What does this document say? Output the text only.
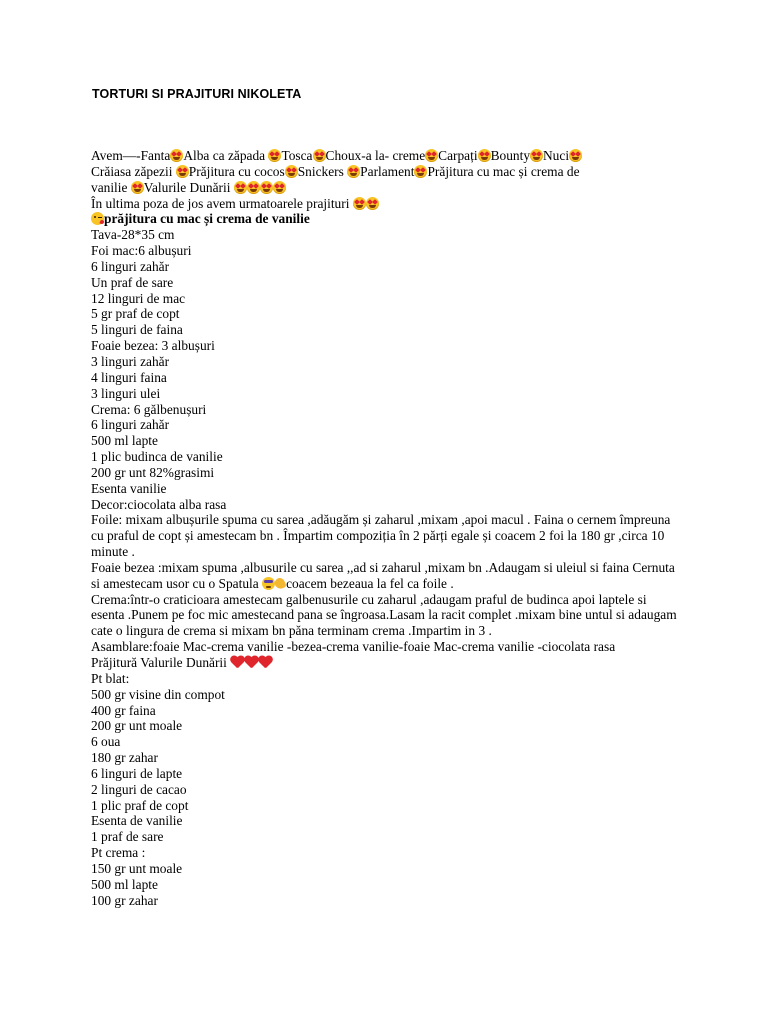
TORTURI SI PRAJITURI NIKOLETA
Avem—-Fanta Alba ca zăpada
Tosca Choux-a la- creme Carpați Bounty Nuci
Crăiasa zăpezii
Prăjitura cu cocos Snickers
Parlament Prăjitura cu mac și crema de
vanilie
Valurile Dunării
În ultima poza de jos avem urmatoarele prajituri
prăjitura cu mac și crema de vanilie
Tava-28*35 cm
Foi mac:6 albușuri
6 linguri zahăr
Un praf de sare
12 linguri de mac
5 gr praf de copt
5 linguri de faina
Foaie bezea: 3 albușuri
3 linguri zahăr
4 linguri faina
3 linguri ulei
Crema: 6 gălbenușuri
6 linguri zahăr
500 ml lapte
1 plic budinca de vanilie
200 gr unt 82%grasimi
Esenta vanilie
Decor:ciocolata alba rasa
Foile: mixam albușurile spuma cu sarea ,adăugăm și zaharul ,mixam ,apoi macul . Faina o cernem împreuna cu praful de copt și amestecam bn . Împartim compoziția în 2 părți egale și coacem 2 foi la 180 gr ,circa 10 minute .
Foaie bezea :mixam spuma ,albusurile cu sarea ,,ad si zaharul ,mixam bn .Adaugam si uleiul si faina Cernuta si amestecam usor cu o Spatula coacem bezeaua la fel ca foile .
Crema:într-o craticioara amestecam galbenusurile cu zaharul ,adaugam praful de budinca apoi laptele si esenta .Punem pe foc mic amestecand pana se îngroasa.Lasam la racit complet .mixam bine untul si adaugam cate o lingura de crema si mixam bn păna terminam crema .Impartim in 3 .
Asamblare:foaie Mac-crema vanilie -bezea-crema vanilie-foaie Mac-crema vanilie -ciocolata rasa
Prăjitură Valurile Dunării
Pt blat:
500 gr visine din compot
400 gr faina
200 gr unt moale
6 oua
180 gr zahar
6 linguri de lapte
2 linguri de cacao
1 plic praf de copt
Esenta de vanilie
1 praf de sare
Pt crema :
150 gr unt moale
500 ml lapte
100 gr zahar
